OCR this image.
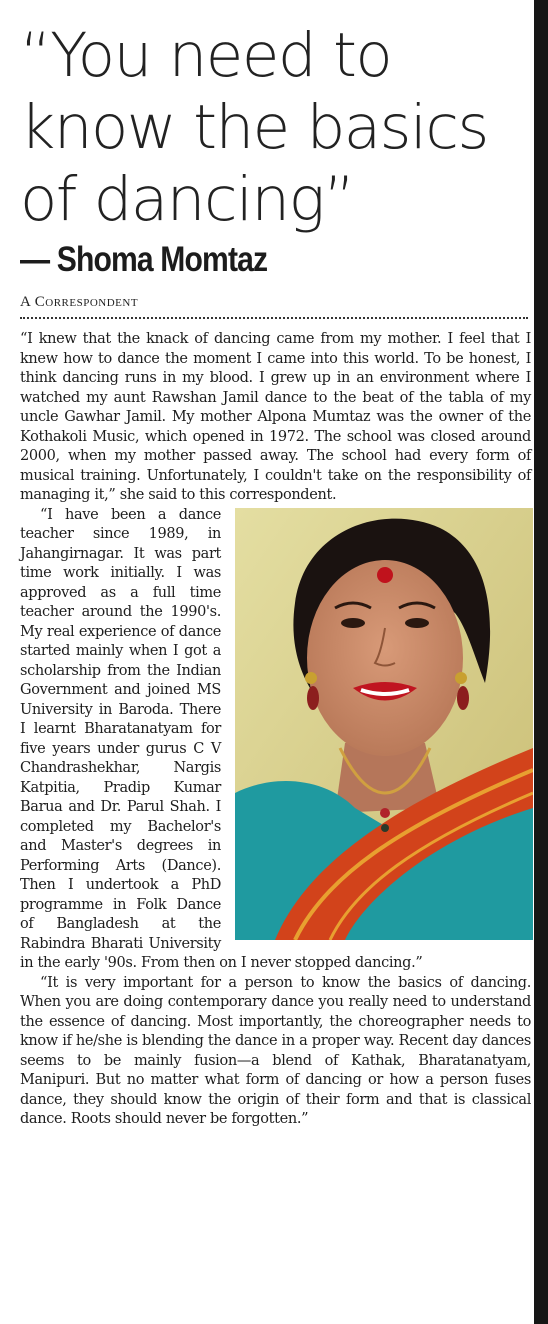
“You need to know the basics of dancing”
— Shoma Momtaz
A Correspondent

“I knew that the knack of dancing came from my mother. I feel that I knew how to dance the moment I came into this world. To be honest, I think dancing runs in my blood. I grew up in an environment where I watched my aunt Rawshan Jamil dance to the beat of the tabla of my uncle Gawhar Jamil. My mother Alpona Mumtaz was the owner of the Kothakoli Music, which opened in 1972. The school was closed around 2000, when my mother passed away. The school had every form of musical training. Unfortunately, I couldn't take on the responsibility of managing it,” she said to this correspondent.

“I have been a dance teacher since 1989, in Jahangirnagar. It was part time work initially. I was approved as a full time teacher around the 1990's. My real experience of dance started mainly when I got a scholarship from the Indian Government and joined MS University in Baroda. There I learnt Bharatanatyam for five years under gurus C V Chandrashekhar, Nargis Katpitia, Pradip Kumar Barua and Dr. Parul Shah. I completed my Bachelor's and Master's degrees in Performing Arts (Dance). Then I undertook a PhD programme in Folk Dance of Bangladesh at the Rabindra Bharati University in the early '90s. From then on I never stopped dancing.”

“It is very important for a person to know the basics of dancing. When you are doing contemporary dance you really need to understand the essence of dancing. Most importantly, the choreographer needs to know if he/she is blending the dance in a proper way. Recent day dances seems to be mainly fusion—a blend of Kathak, Bharatanatyam, Manipuri. But no matter what form of dancing or how a person fuses dance, they should know the origin of their form and that is classical dance. Roots should never be forgotten.”
